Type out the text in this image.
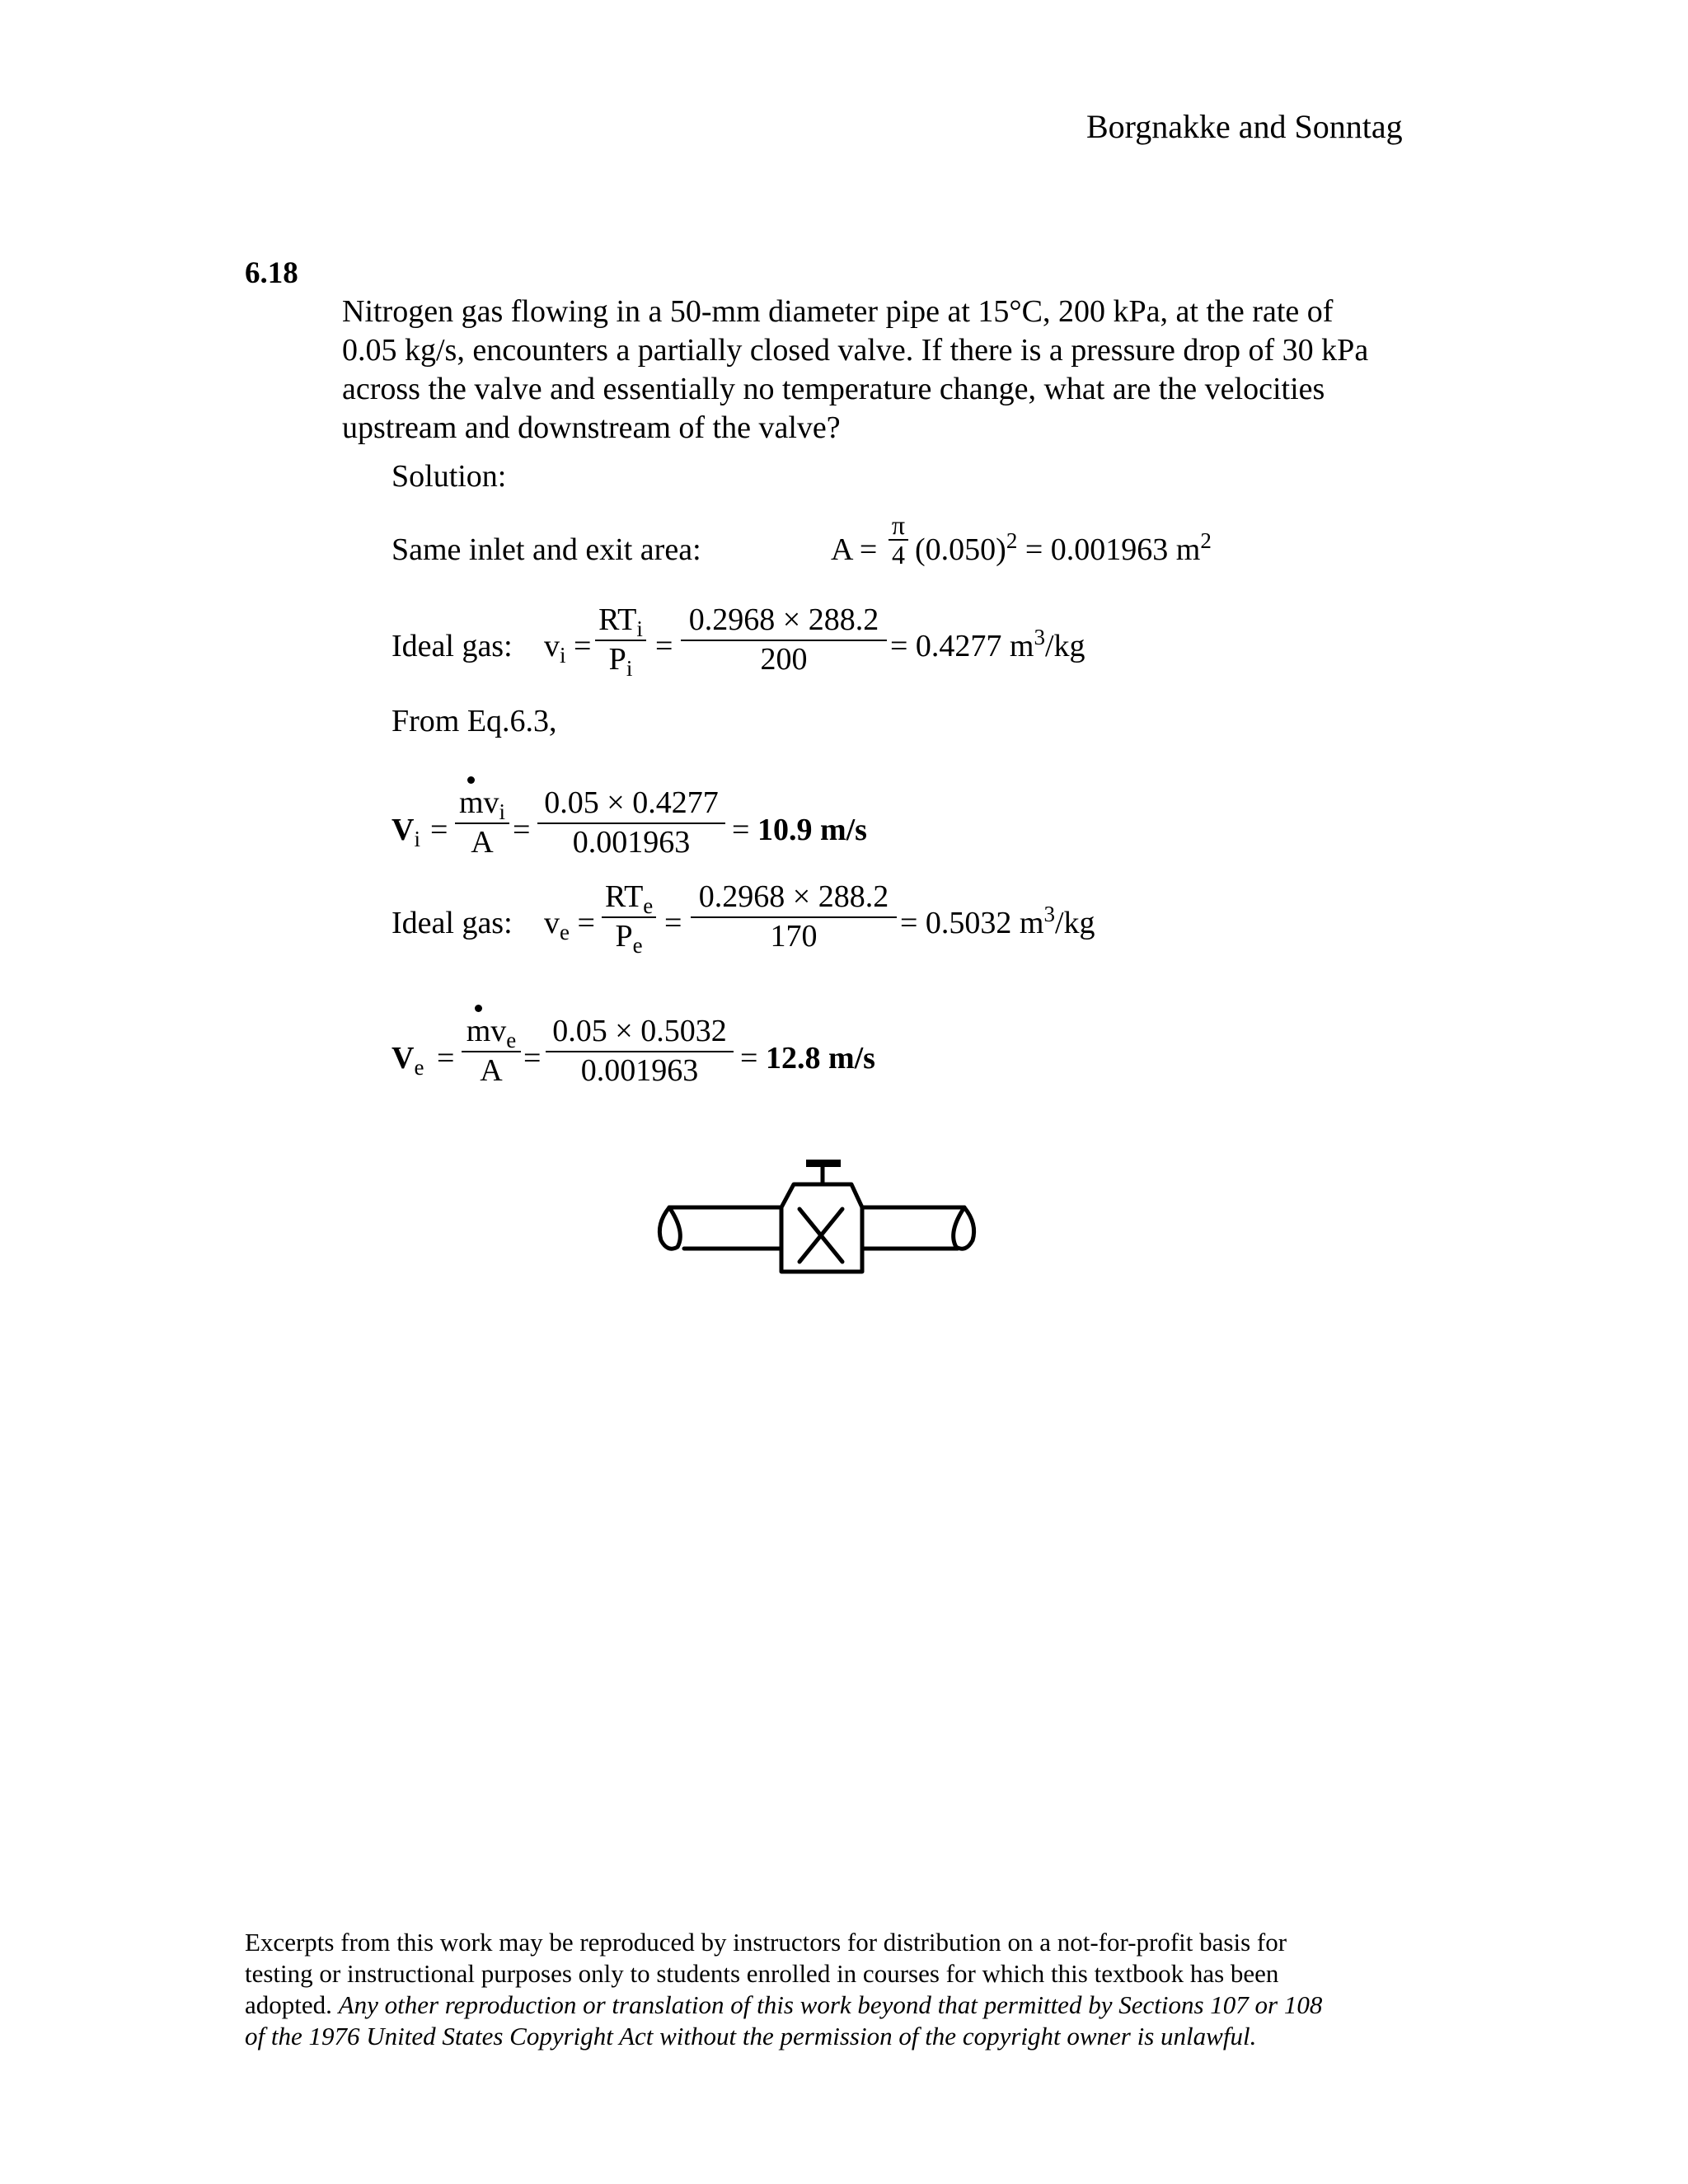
Borgnakke and Sonntag
6.18
Nitrogen gas flowing in a 50-mm diameter pipe at 15°C, 200 kPa, at the rate of
0.05 kg/s, encounters a partially closed valve. If there is a pressure drop of 30 kPa
across the valve and essentially no temperature change, what are the velocities
upstream and downstream of the valve?
Solution:
Same inlet and exit area:	$A = \frac{\pi}{4} (0.050)^2 = 0.001963$ $m^2$
Ideal gas: $v_i$ =
$RT_i$
$P_i$
= $\frac{0.2968 \times 288.2}{200} = 0.4277$ $m^3/kg$
From Eq.6.3,
$V_i$ =
$mv_i$
$A = \frac{0.05 \times 0.4277}{0.001963} = 10.9$ m/s
Ideal gas: $v_e$ =
$RT_e$
$P_e$
= $\frac{0.2968 \times 288.2}{170} = 0.5032$ $m^3/kg$
$V_e$ =
$mv_e$
$A = \frac{0.05 \times 0.5032}{0.001963} = 12.8$ m/s
Excerpts from this work may be reproduced by instructors for distribution on a not-for-profit basis for
testing or instructional purposes only to students enrolled in courses for which this textbook has been
adopted. Any other reproduction or translation of this work beyond that permitted by Sections 107 or 108
of the 1976 United States Copyright Act without the permission of the copyright owner is unlawful.
